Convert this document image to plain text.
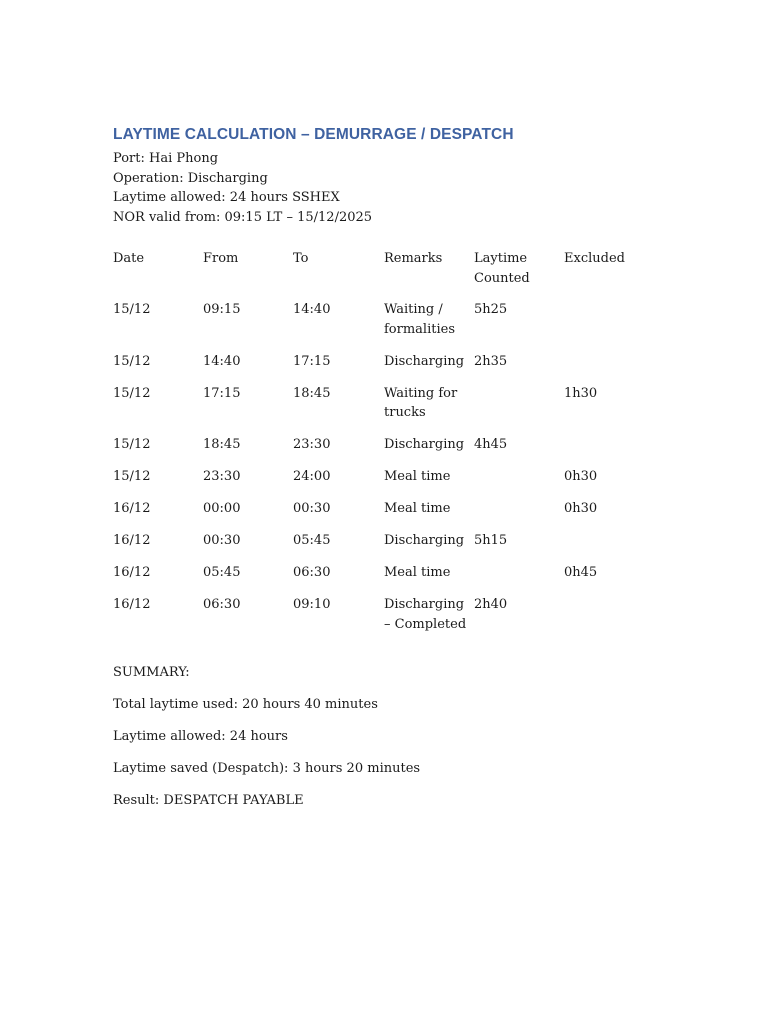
LAYTIME CALCULATION – DEMURRAGE / DESPATCH

Port: Hai Phong

Operation: Discharging

Laytime allowed: 24 hours SSHEX

NOR valid from: 09:15 LT – 15/12/2025

Date	From	To	Remarks	Laytime Counted	Excluded
15/12	09:15	14:40	Waiting / formalities	5h25	
15/12	14:40	17:15	Discharging	2h35	
15/12	17:15	18:45	Waiting for trucks		1h30
15/12	18:45	23:30	Discharging	4h45	
15/12	23:30	24:00	Meal time		0h30
16/12	00:00	00:30	Meal time		0h30
16/12	00:30	05:45	Discharging	5h15	
16/12	05:45	06:30	Meal time		0h45
16/12	06:30	09:10	Discharging – Completed	2h40	

SUMMARY:

Total laytime used: 20 hours 40 minutes

Laytime allowed: 24 hours

Laytime saved (Despatch): 3 hours 20 minutes

Result: DESPATCH PAYABLE
